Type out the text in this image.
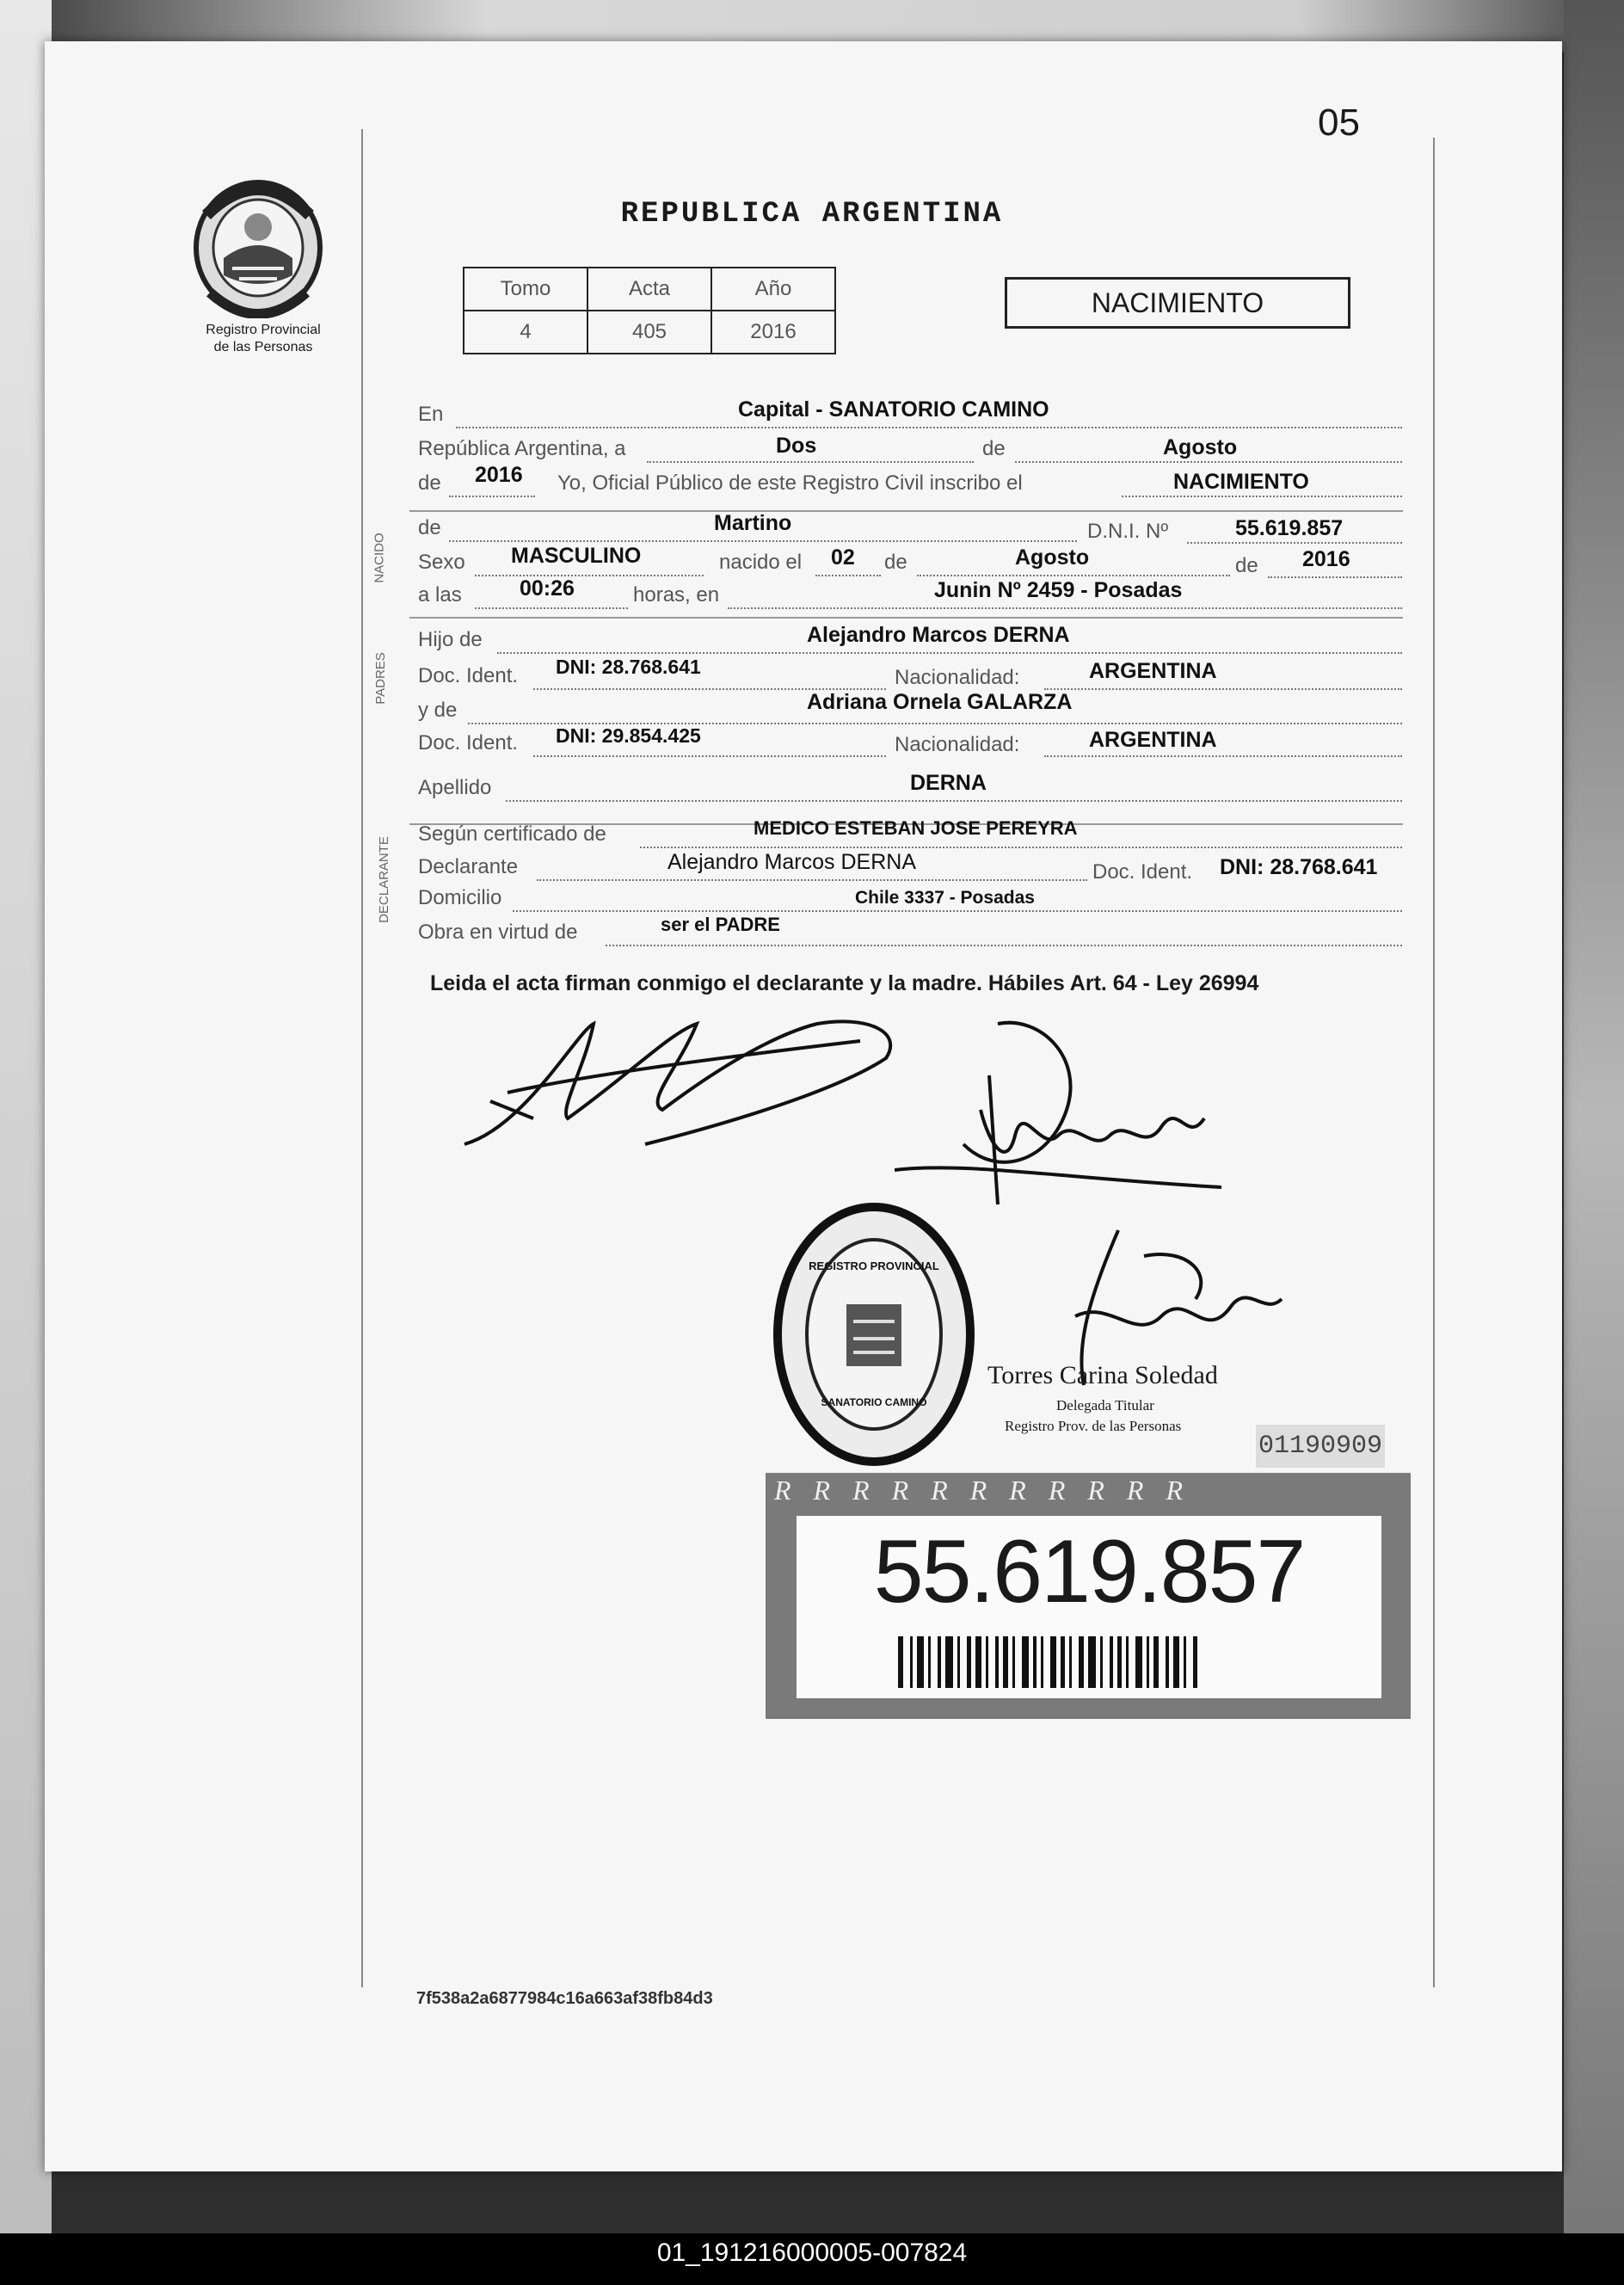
05
Registro Provincial
de las Personas
REPUBLICA ARGENTINA
Tomo	Acta	Año
4	405	2016
NACIMIENTO
NACIDO
PADRES
DECLARANTE
En	Capital - SANATORIO CAMINO
República Argentina, a	Dos	de	Agosto
de 2016 Yo, Oficial Público de este Registro Civil inscribo el	NACIMIENTO
de	Martino	D.N.I. Nº	55.619.857
Sexo MASCULINO	nacido el 02 de	Agosto	de 2016
a las	00:26	horas, en	Junin Nº 2459 - Posadas
Hijo de	Alejandro Marcos DERNA
Doc. Ident. DNI: 28.768.641	Nacionalidad:	ARGENTINA
y de	Adriana Ornela GALARZA
Doc. Ident. DNI: 29.854.425	Nacionalidad:	ARGENTINA
Apellido	DERNA
Según certificado de	MEDICO ESTEBAN JOSE PEREYRA
Declarante	Alejandro Marcos DERNA	Doc. Ident. DNI: 28.768.641
Domicilio	Chile 3337 - Posadas
Obra en virtud de	ser el PADRE
Leida el acta firman conmigo el declarante y la madre. Hábiles Art. 64 - Ley 26994
REGISTRO PROVINCIAL
SANATORIO CAMINO
Torres Carina Soledad
Delegada Titular
Registro Prov. de las Personas
01190909
RRRRRRRRRRR
55.619.857
7f538a2a6877984c16a663af38fb84d3
01_191216000005-007824
